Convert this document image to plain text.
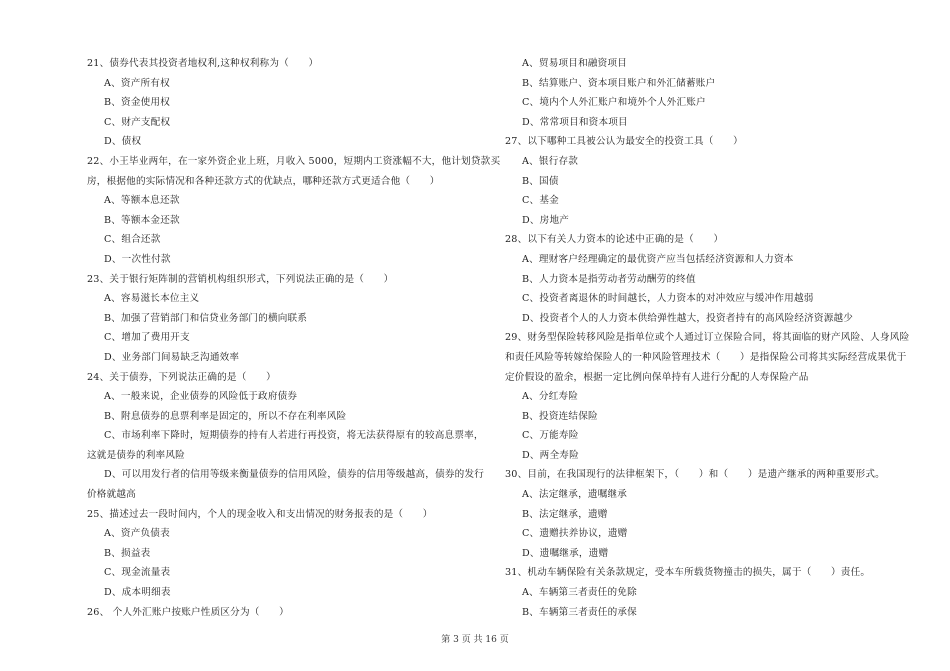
21、债券代表其投资者地权利,这种权利称为（　　）
A、资产所有权
B、资金使用权
C、财产支配权
D、债权
22、小王毕业两年，在一家外资企业上班，月收入 5000，短期内工资涨幅不大，他计划贷款买
房，根据他的实际情况和各种还款方式的优缺点，哪种还款方式更适合他（　　）
A、等额本息还款
B、等额本金还款
C、组合还款
D、一次性付款
23、关于银行矩阵制的营销机构组织形式，下列说法正确的是（　　）
A、容易滋长本位主义
B、加强了营销部门和信贷业务部门的横向联系
C、增加了费用开支
D、业务部门间易缺乏沟通效率
24、关于债券，下列说法正确的是（　　）
A、一般来说，企业债券的风险低于政府债券
B、附息债券的息票利率是固定的，所以不存在利率风险
C、市场利率下降时，短期债券的持有人若进行再投资，将无法获得原有的较高息票率，
这就是债券的利率风险
D、可以用发行者的信用等级来衡量债券的信用风险，债券的信用等级越高，债券的发行
价格就越高
25、描述过去一段时间内，个人的现金收入和支出情况的财务报表的是（　　）
A、资产负债表
B、损益表
C、现金流量表
D、成本明细表
26、 个人外汇账户按账户性质区分为（　　）
A、贸易项目和融资项目
B、结算账户、资本项目账户和外汇储蓄账户
C、境内个人外汇账户和境外个人外汇账户
D、常常项目和资本项目
27、以下哪种工具被公认为最安全的投资工具（　　）
A、银行存款
B、国债
C、基金
D、房地产
28、以下有关人力资本的论述中正确的是（　　）
A、理财客户经理确定的最优资产应当包括经济资源和人力资本
B、人力资本是指劳动者劳动酬劳的终值
C、投资者离退休的时间越长，人力资本的对冲效应与缓冲作用越弱
D、投资者个人的人力资本供给弹性越大，投资者持有的高风险经济资源越少
29、财务型保险转移风险是指单位或个人通过订立保险合同，将其面临的财产风险、人身风险
和责任风险等转嫁给保险人的一种风险管理技术（　　）是指保险公司将其实际经营成果优于
定价假设的盈余，根据一定比例向保单持有人进行分配的人寿保险产品
A、分红寿险
B、投资连结保险
C、万能寿险
D、两全寿险
30、目前，在我国现行的法律框架下，（　　）和（　　）是遗产继承的两种重要形式。
A、法定继承，遗嘱继承
B、法定继承，遗赠
C、遗赠扶养协议，遗赠
D、遗嘱继承，遗赠
31、机动车辆保险有关条款规定，受本车所载货物撞击的损失，属于（　　）责任。
A、车辆第三者责任的免除
B、车辆第三者责任的承保
第 3 页 共 16 页
